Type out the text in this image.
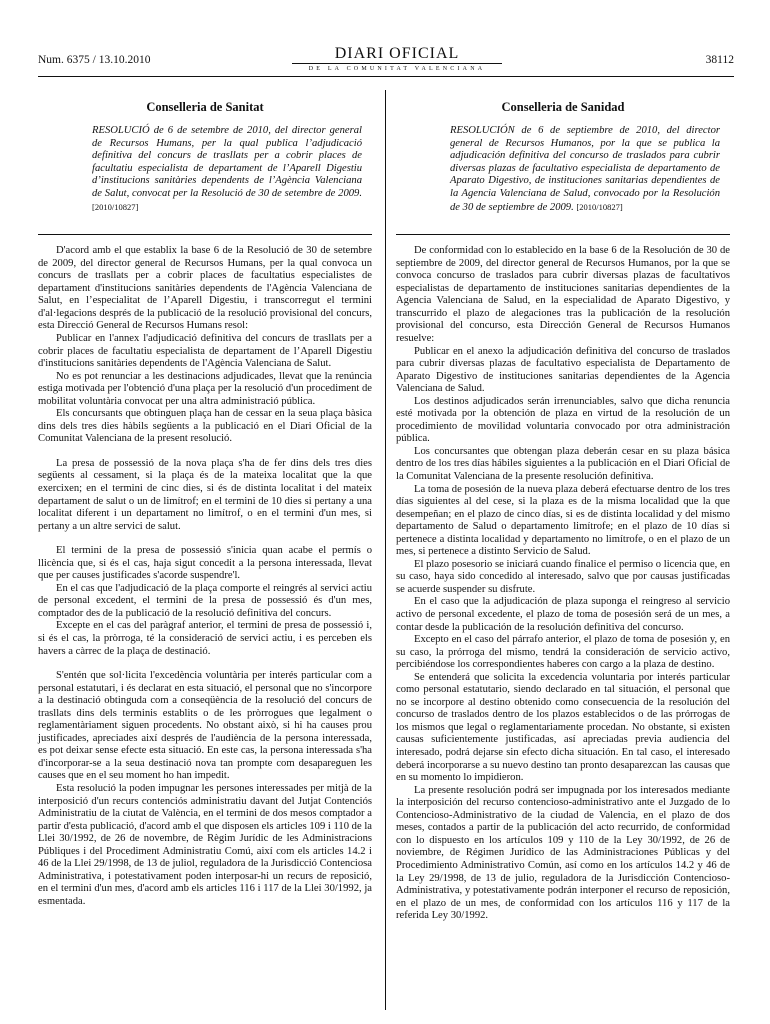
Num. 6375 / 13.10.2010	DIARI OFICIAL
DE LA COMUNITAT VALENCIANA
38112
Conselleria de Sanitat
RESOLUCIÓ de 6 de setembre de 2010, del director general de Recursos Humans, per la qual publica l’adjudicació definitiva del concurs de trasllats per a cobrir places de facultatiu especialista de departament de l’Aparell Digestiu d’institucions sanitàries dependents de l’Agència Valenciana de Salut, convocat per la Resolució de 30 de setembre de 2009. [2010/10827]

D'acord amb el que establix la base 6 de la Resolució de 30 de setembre de 2009, del director general de Recursos Humans, per la qual convoca un concurs de trasllats per a cobrir places de facultatius especialistes de departament d'institucions sanitàries dependents de l'Agència Valenciana de Salut, en l’especialitat de l’Aparell Digestiu, i transcorregut el termini d'al·legacions després de la publicació de la resolució provisional del concurs, esta Direcció General de Recursos Humans resol:

Publicar en l'annex l'adjudicació definitiva del concurs de trasllats per a cobrir places de facultatiu especialista de departament de l’Aparell Digestiu d'institucions sanitàries dependents de l'Agència Valenciana de Salut.

No es pot renunciar a les destinacions adjudicades, llevat que la renúncia estiga motivada per l'obtenció d'una plaça per la resolució d'un procediment de mobilitat voluntària convocat per una altra administració pública.

Els concursants que obtinguen plaça han de cessar en la seua plaça bàsica dins dels tres dies hàbils següents a la publicació en el Diari Oficial de la Comunitat Valenciana de la present resolució.

La presa de possessió de la nova plaça s'ha de fer dins dels tres dies següents al cessament, si la plaça és de la mateixa localitat que la que exercixen; en el termini de cinc dies, si és de distinta localitat i del mateix departament de salut o un de limítrof; en el termini de 10 dies si pertany a una localitat diferent i un departament no limítrof, o en el termini d'un mes, si pertany a un altre servici de salut.

El termini de la presa de possessió s'inicia quan acabe el permís o llicència que, si és el cas, haja sigut concedit a la persona interessada, llevat que per causes justificades s'acorde suspendre'l.

En el cas que l'adjudicació de la plaça comporte el reingrés al servici actiu de personal excedent, el termini de la presa de possessió és d'un mes, comptador des de la publicació de la resolució definitiva del concurs.

Excepte en el cas del paràgraf anterior, el termini de presa de possessió i, si és el cas, la pròrroga, té la consideració de servici actiu, i es perceben els havers a càrrec de la plaça de destinació.

S'entén que sol·licita l'excedència voluntària per interés particular com a personal estatutari, i és declarat en esta situació, el personal que no s'incorpore a la destinació obtinguda com a conseqüència de la resolució del concurs de trasllats dins dels terminis establits o de les pròrrogues que legalment o reglamentàriament siguen procedents. No obstant això, si hi ha causes prou justificades, apreciades així després de l'audiència de la persona interessada, es pot deixar sense efecte esta situació. En este cas, la persona interessada s'ha d'incorporar-se a la seua destinació nova tan prompte com desapareguen les causes que en el seu moment ho han impedit.

Esta resolució la poden impugnar les persones interessades per mitjà de la interposició d'un recurs contenciós administratiu davant del Jutjat Contenciós Administratiu de la ciutat de València, en el termini de dos mesos comptador a partir d'esta publicació, d'acord amb el que disposen els articles 109 i 110 de la Llei 30/1992, de 26 de novembre, de Règim Jurídic de les Administracions Públiques i del Procediment Administratiu Comú, així com els articles 14.2 i 46 de la Llei 29/1998, de 13 de juliol, reguladora de la Jurisdicció Contenciosa Administrativa, i potestativament poden interposar-hi un recurs de reposició, en el termini d'un mes, d'acord amb els articles 116 i 117 de la Llei 30/1992, ja esmentada.

Conselleria de Sanidad
RESOLUCIÓN de 6 de septiembre de 2010, del director general de Recursos Humanos, por la que se publica la adjudicación definitiva del concurso de traslados para cubrir diversas plazas de facultativo especialista de departamento de Aparato Digestivo, de instituciones sanitarias dependientes de la Agencia Valenciana de Salud, convocado por la Resolución de 30 de septiembre de 2009. [2010/10827]

De conformidad con lo establecido en la base 6 de la Resolución de 30 de septiembre de 2009, del director general de Recursos Humanos, por la que se convoca concurso de traslados para cubrir diversas plazas de facultativos especialistas de departamento de instituciones sanitarias dependientes de la Agencia Valenciana de Salud, en la especialidad de Aparato Digestivo, y transcurrido el plazo de alegaciones tras la publicación de la resolución provisional del concurso, esta Dirección General de Recursos Humanos resuelve:

Publicar en el anexo la adjudicación definitiva del concurso de traslados para cubrir diversas plazas de facultativo especialista de Departamento de Aparato Digestivo de instituciones sanitarias dependientes de la Agencia Valenciana de Salud.

Los destinos adjudicados serán irrenunciables, salvo que dicha renuncia esté motivada por la obtención de plaza en virtud de la resolución de un procedimiento de movilidad voluntaria convocado por otra administración pública.

Los concursantes que obtengan plaza deberán cesar en su plaza básica dentro de los tres días hábiles siguientes a la publicación en el Diari Oficial de la Comunitat Valenciana de la presente resolución definitiva.

La toma de posesión de la nueva plaza deberá efectuarse dentro de los tres días siguientes al del cese, si la plaza es de la misma localidad que la que desempeñan; en el plazo de cinco días, si es de distinta localidad y del mismo departamento de Salud o departamento limítrofe; en el plazo de 10 días si pertenece a distinta localidad y departamento no limítrofe, o en el plazo de un mes, si pertenece a distinto Servicio de Salud.

El plazo posesorio se iniciará cuando finalice el permiso o licencia que, en su caso, haya sido concedido al interesado, salvo que por causas justificadas se acuerde suspender su disfrute.

En el caso que la adjudicación de plaza suponga el reingreso al servicio activo de personal excedente, el plazo de toma de posesión será de un mes, a contar desde la publicación de la resolución definitiva del concurso.

Excepto en el caso del párrafo anterior, el plazo de toma de posesión y, en su caso, la prórroga del mismo, tendrá la consideración de servicio activo, percibiéndose los correspondientes haberes con cargo a la plaza de destino.

Se entenderá que solicita la excedencia voluntaria por interés particular como personal estatutario, siendo declarado en tal situación, el personal que no se incorpore al destino obtenido como consecuencia de la resolución del concurso de traslados dentro de los plazos establecidos o de las prórrogas de los mismos que legal o reglamentariamente procedan. No obstante, si existen causas suficientemente justificadas, así apreciadas previa audiencia del interesado, podrá dejarse sin efecto dicha situación. En tal caso, el interesado deberá incorporarse a su nuevo destino tan pronto desaparezcan las causas que en su momento lo impidieron.

La presente resolución podrá ser impugnada por los interesados mediante la interposición del recurso contencioso-administrativo ante el Juzgado de lo Contencioso-Administrativo de la ciudad de Valencia, en el plazo de dos meses, contados a partir de la publicación del acto recurrido, de conformidad con lo dispuesto en los artículos 109 y 110 de la Ley 30/1992, de 26 de noviembre, de Régimen Jurídico de las Administraciones Públicas y del Procedimiento Administrativo Común, así como en los artículos 14.2 y 46 de la Ley 29/1998, de 13 de julio, reguladora de la Jurisdicción Contencioso-Administrativa, y potestativamente podrán interponer el recurso de reposición, en el plazo de un mes, de conformidad con los artículos 116 y 117 de la referida Ley 30/1992.
